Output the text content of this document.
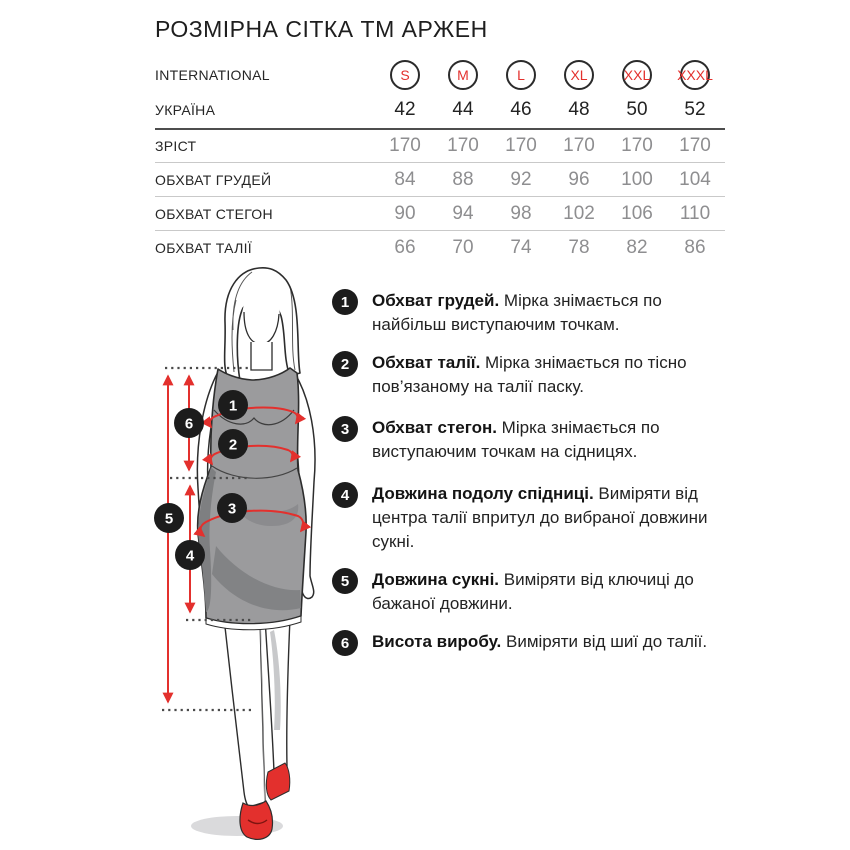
РОЗМІРНА СІТКА ТМ АРЖЕН
INTERNATIONAL	S	M	L	XL	XXL XXXL
УКРАЇНА	42	44	46	48	50	52
ЗРІСТ	170	170	170	170	170	170
ОБХВАТ ГРУДЕЙ	84	88	92	96	100	104
ОБХВАТ СТЕГОН	90	94	98	102	106	110
ОБХВАТ ТАЛІЇ	66	70	74	78	82	86
1
2
3
4
5
6
1	Обхват грудей. Мірка знімається по найбільш виступаючим точкам.
2	Обхват талії. Мірка знімається по тісно пов’язаному на талії паску.
3	Обхват стегон. Мірка знімається по виступаючим точкам на сідницях.
4	Довжина подолу спідниці. Виміряти від центра талії впритул до вибраної довжини сукні.
5	Довжина сукні. Виміряти від ключиці до бажаної довжини.
6	Висота виробу. Виміряти від шиї до талії.
